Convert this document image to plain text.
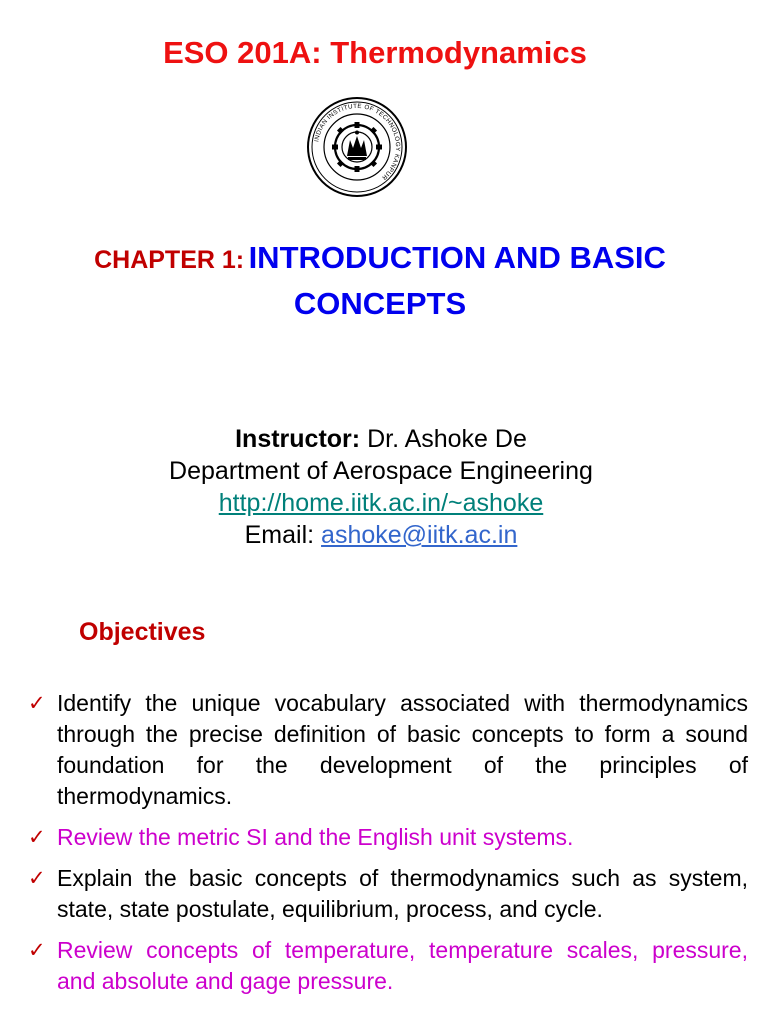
ESO 201A: Thermodynamics
INDIAN INSTITUTE OF TECHNOLOGY KANPUR
CHAPTER 1: INTRODUCTION AND BASIC
CONCEPTS
Instructor: Dr. Ashoke De
Department of Aerospace Engineering
http://home.iitk.ac.in/~ashoke
Email: ashoke@iitk.ac.in
Objectives
✓ Identify the unique vocabulary associated with thermodynamics through the precise definition of basic concepts to form a sound foundation for the development of the principles of thermodynamics.
✓ Review the metric SI and the English unit systems.
✓ Explain the basic concepts of thermodynamics such as system, state, state postulate, equilibrium, process, and cycle.
✓ Review concepts of temperature, temperature scales, pressure, and absolute and gage pressure.
